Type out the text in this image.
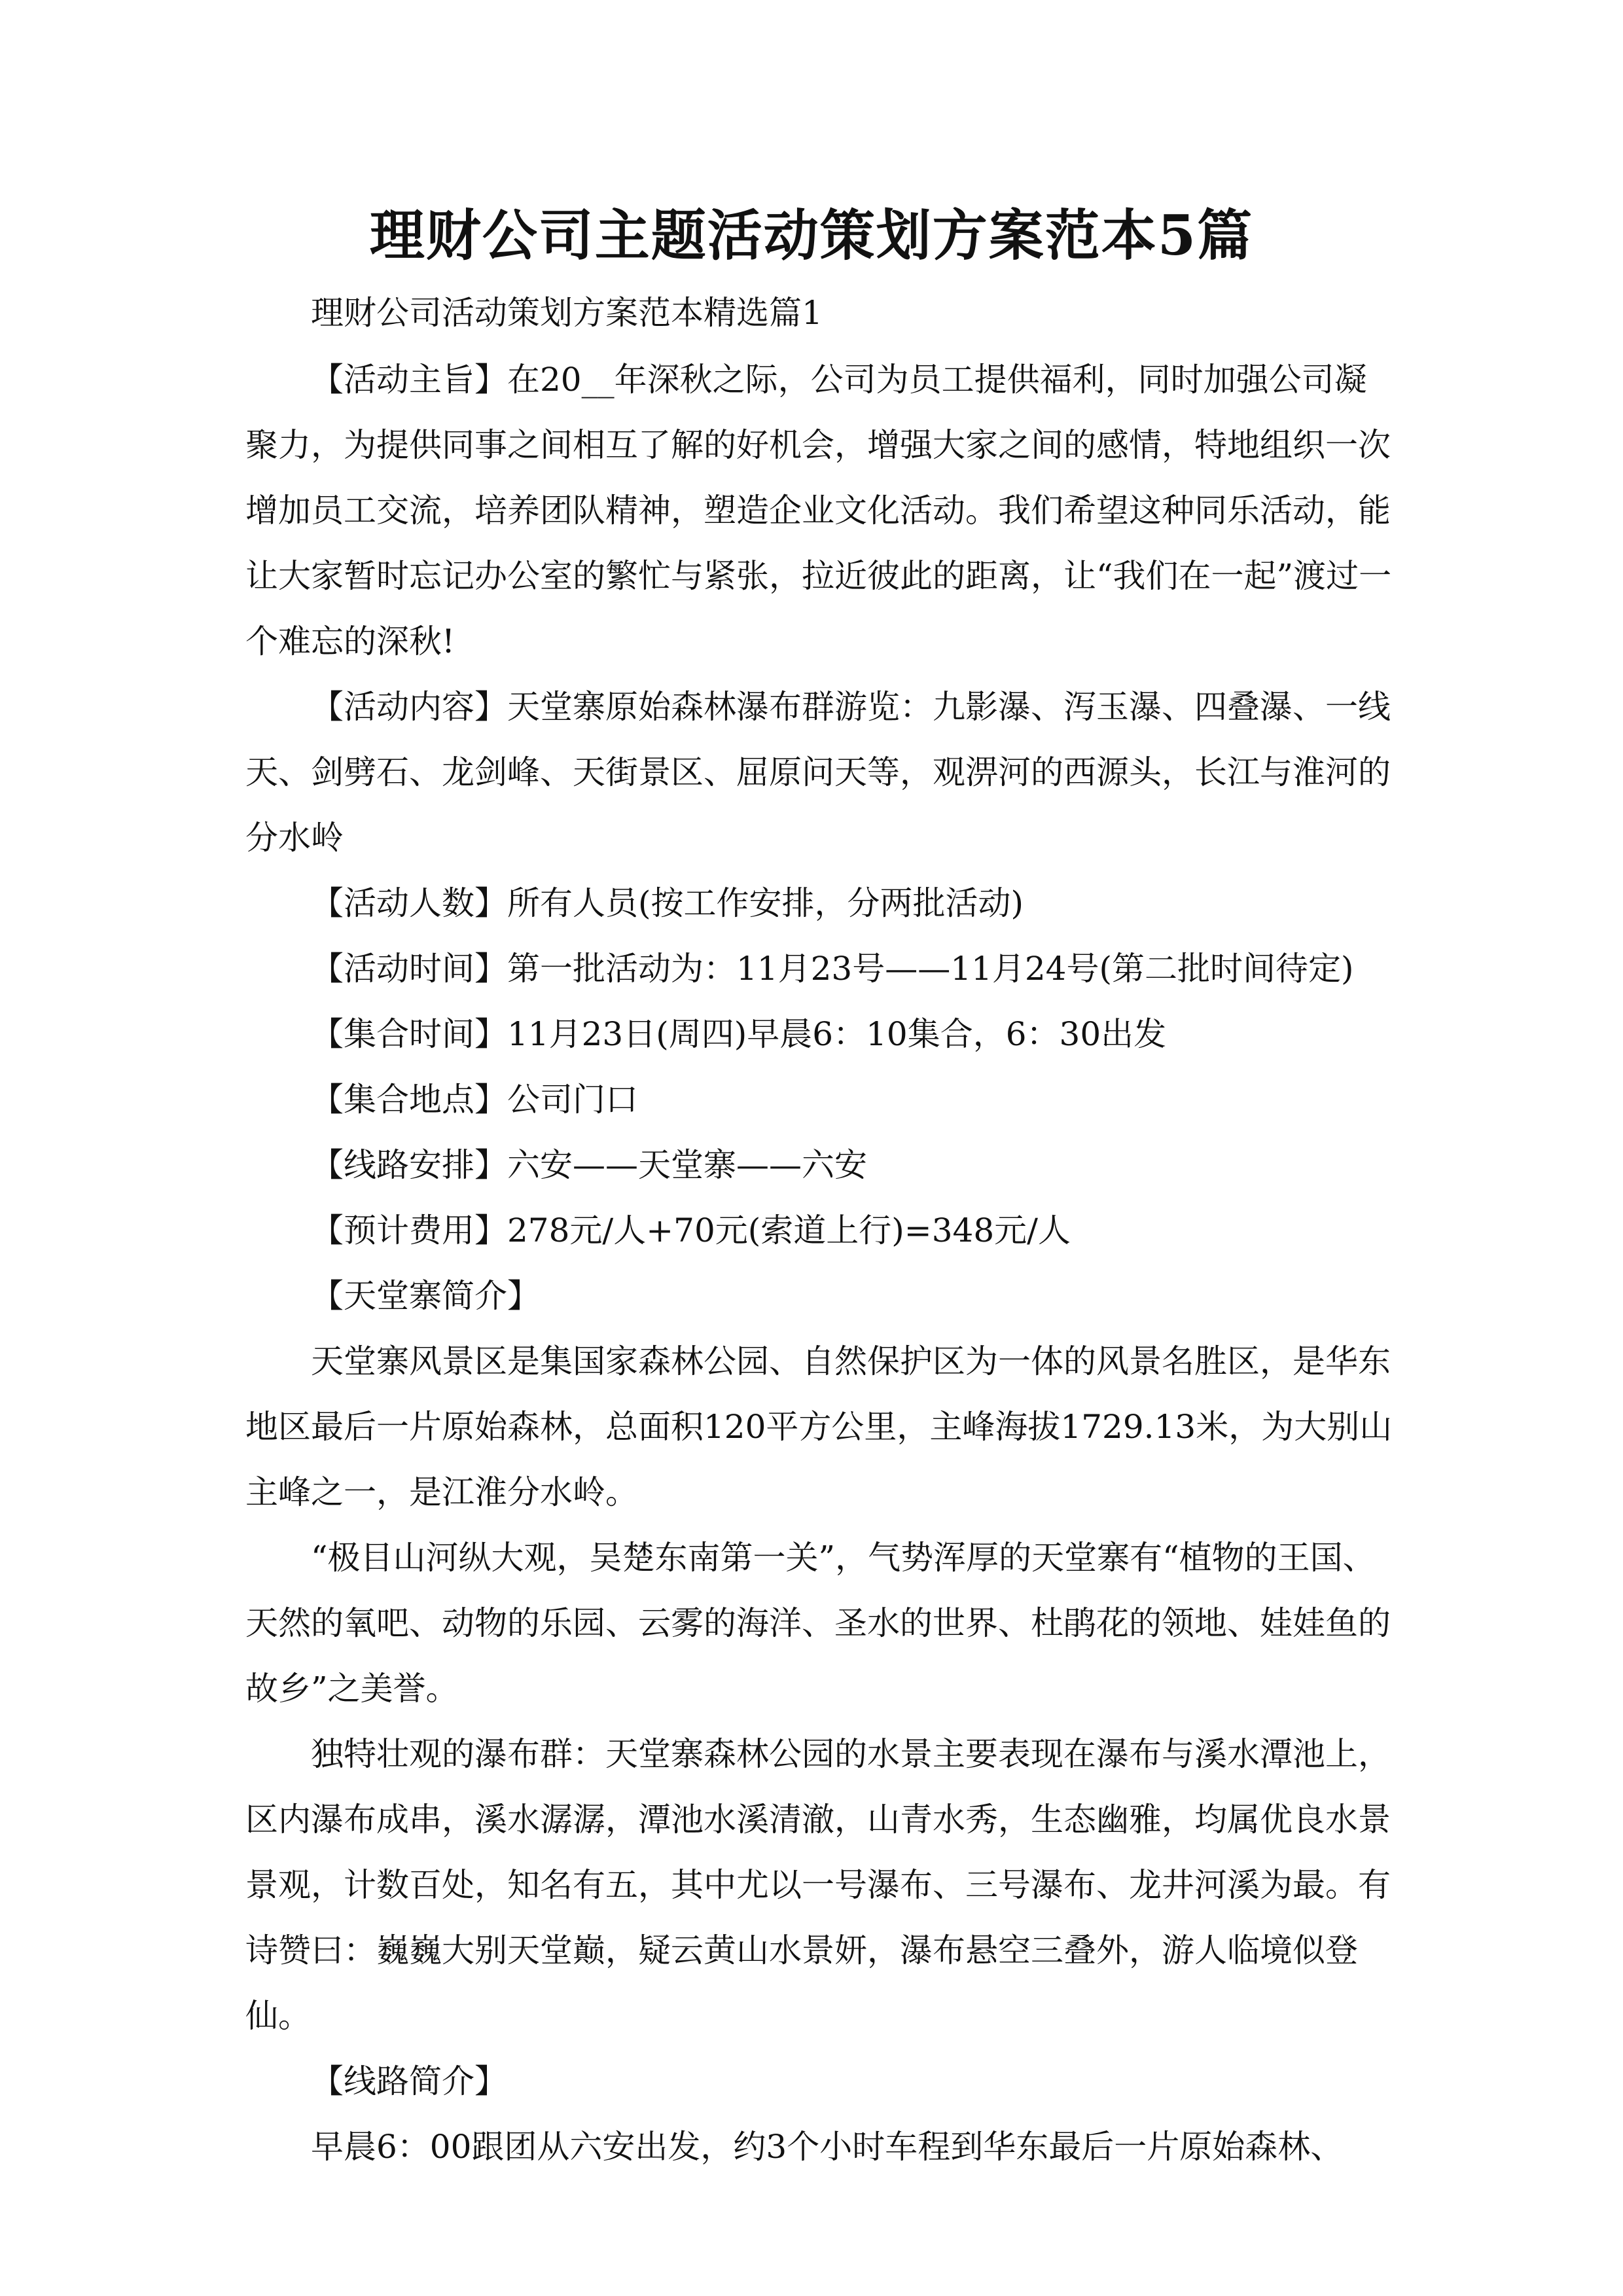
理财公司主题活动策划方案范本5篇
理财公司活动策划方案范本精选篇1

【活动主旨】在20__年深秋之际，公司为员工提供福利，同时加强公司凝聚力，为提供同事之间相互了解的好机会，增强大家之间的感情，特地组织一次增加员工交流，培养团队精神，塑造企业文化活动。我们希望这种同乐活动，能让大家暂时忘记办公室的繁忙与紧张，拉近彼此的距离，让“我们在一起”渡过一个难忘的深秋!

【活动内容】天堂寨原始森林瀑布群游览：九影瀑、泻玉瀑、四叠瀑、一线天、剑劈石、龙剑峰、天街景区、屈原问天等，观淠河的西源头，长江与淮河的分水岭

【活动人数】所有人员(按工作安排，分两批活动)

【活动时间】第一批活动为：11月23号——11月24号(第二批时间待定)

【集合时间】11月23日(周四)早晨6：10集合，6：30出发

【集合地点】公司门口

【线路安排】六安——天堂寨——六安

【预计费用】278元/人+70元(索道上行)=348元/人

【天堂寨简介】

天堂寨风景区是集国家森林公园、自然保护区为一体的风景名胜区，是华东地区最后一片原始森林，总面积120平方公里，主峰海拔1729.13米，为大别山主峰之一，是江淮分水岭。

“极目山河纵大观，吴楚东南第一关”，气势浑厚的天堂寨有“植物的王国、天然的氧吧、动物的乐园、云雾的海洋、圣水的世界、杜鹃花的领地、娃娃鱼的故乡”之美誉。

独特壮观的瀑布群：天堂寨森林公园的水景主要表现在瀑布与溪水潭池上，区内瀑布成串，溪水潺潺，潭池水溪清澈，山青水秀，生态幽雅，均属优良水景景观，计数百处，知名有五，其中尤以一号瀑布、三号瀑布、龙井河溪为最。有诗赞曰：巍巍大别天堂巅，疑云黄山水景妍，瀑布悬空三叠外，游人临境似登仙。

【线路简介】

早晨6：00跟团从六安出发，约3个小时车程到华东最后一片原始森林、
